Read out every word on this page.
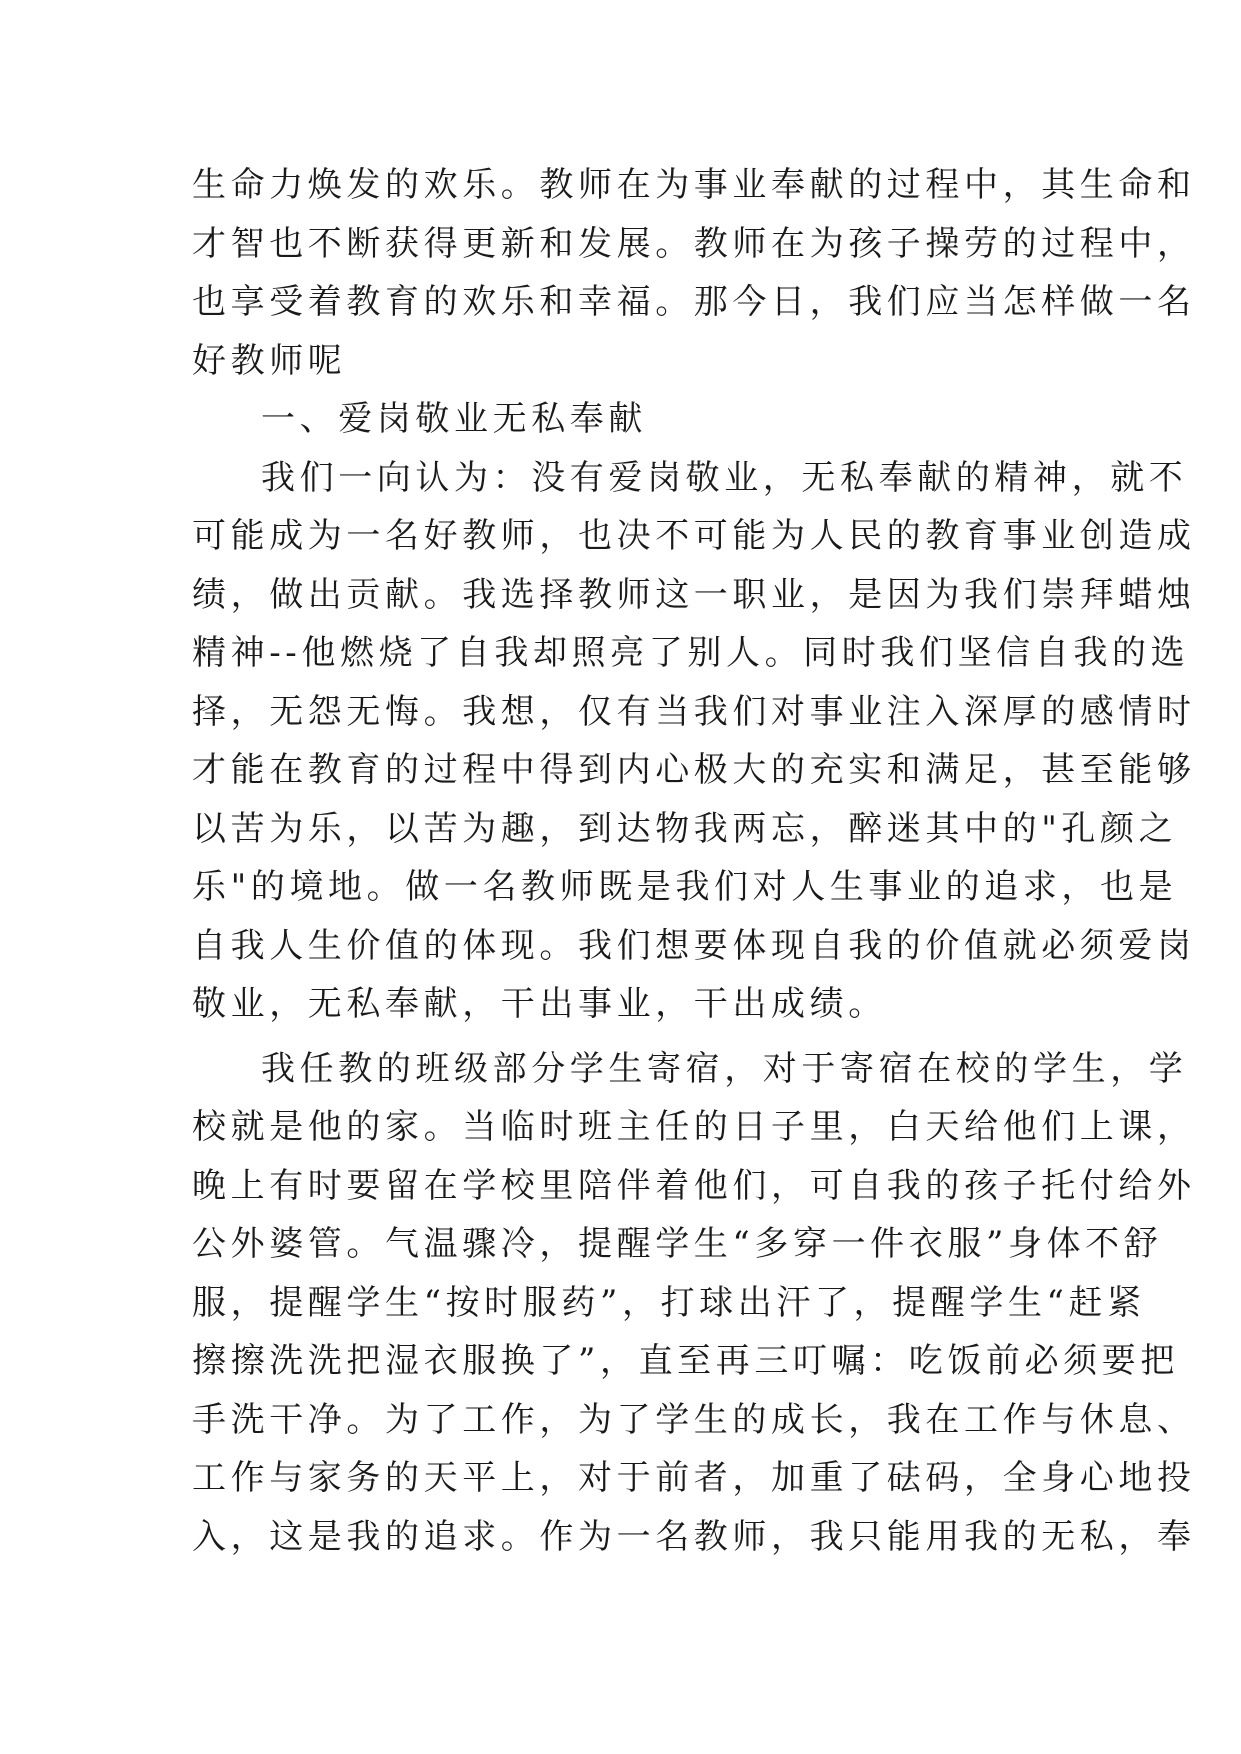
生命力焕发的欢乐。教师在为事业奉献的过程中，其生命和
才智也不断获得更新和发展。教师在为孩子操劳的过程中，
也享受着教育的欢乐和幸福。那今日，我们应当怎样做一名
好教师呢
一、爱岗敬业无私奉献
我们一向认为：没有爱岗敬业，无私奉献的精神，就不
可能成为一名好教师，也决不可能为人民的教育事业创造成
绩，做出贡献。我选择教师这一职业，是因为我们崇拜蜡烛
精神--他燃烧了自我却照亮了别人。同时我们坚信自我的选
择，无怨无悔。我想，仅有当我们对事业注入深厚的感情时
才能在教育的过程中得到内心极大的充实和满足，甚至能够
以苦为乐，以苦为趣，到达物我两忘，醉迷其中的"孔颜之
乐"的境地。做一名教师既是我们对人生事业的追求，也是
自我人生价值的体现。我们想要体现自我的价值就必须爱岗
敬业，无私奉献，干出事业，干出成绩。
我任教的班级部分学生寄宿，对于寄宿在校的学生，学
校就是他的家。当临时班主任的日子里，白天给他们上课，
晚上有时要留在学校里陪伴着他们，可自我的孩子托付给外
公外婆管。气温骤冷，提醒学生“多穿一件衣服”身体不舒
服，提醒学生“按时服药”，打球出汗了，提醒学生“赶紧
擦擦洗洗把湿衣服换了”，直至再三叮嘱：吃饭前必须要把
手洗干净。为了工作，为了学生的成长，我在工作与休息、
工作与家务的天平上，对于前者，加重了砝码，全身心地投
入，这是我的追求。作为一名教师，我只能用我的无私，奉
